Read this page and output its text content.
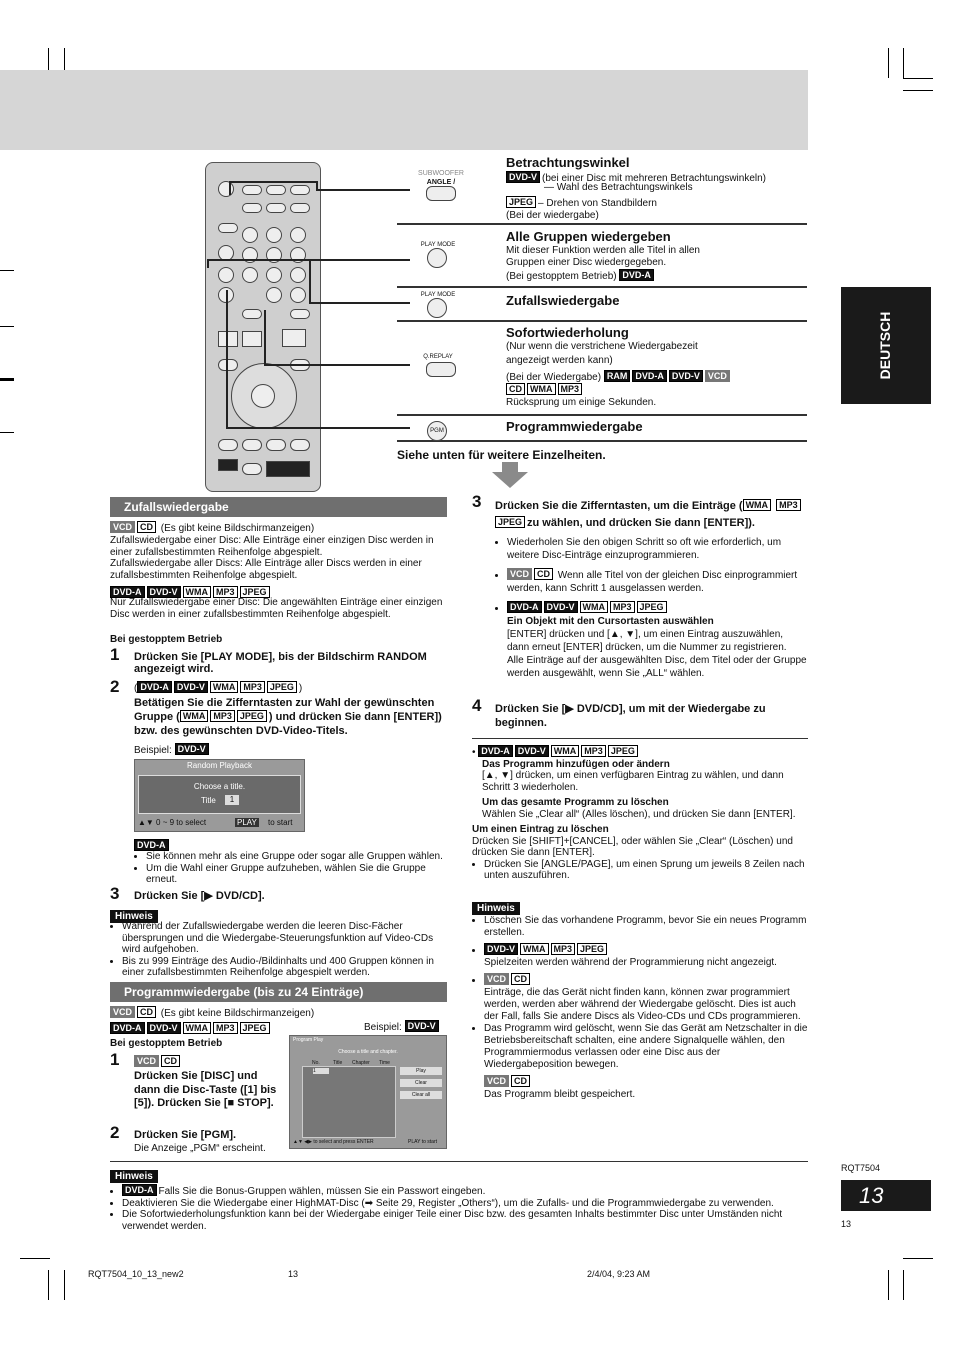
DEUTSCH
SUBWOOFER
ANGLE /
Betrachtungswinkel
DVD-V (bei einer Disc mit mehreren Betrachtungswinkeln)
— Wahl des Betrachtungswinkels
JPEG – Drehen von Standbildern
(Bei der wiedergabe)
PLAY MODE
Alle Gruppen wiedergeben
Mit dieser Funktion werden alle Titel in allen
Gruppen einer Disc wiedergegeben.
(Bei gestopptem Betrieb) DVD-A
PLAY MODE	Zufallswiedergabe
Q.REPLAY
Sofortwiederholung
(Nur wenn die verstrichene Wiedergabezeit
angezeigt werden kann)
(Bei der Wiedergabe) RAM DVD-A DVD-V VCD
CD WMA MP3
Rücksprung um einige Sekunden.
PGM	Programmwiedergabe
Siehe unten für weitere Einzelheiten.
Zufallswiedergabe
VCD CD (Es gibt keine Bildschirmanzeigen)
Zufallswiedergabe einer Disc: Alle Einträge einer einzigen Disc werden in einer zufallsbestimmten Reihenfolge abgespielt.
Zufallswiedergabe aller Discs: Alle Einträge aller Discs werden in einer zufallsbestimmten Reihenfolge abgespielt.
DVD-A DVD-V WMA MP3 JPEG
Nur Zufallswiedergabe einer Disc: Die angewählten Einträge einer einzigen Disc werden in einer zufallsbestimmten Reihenfolge abgespielt.
Bei gestopptem Betrieb
1 Drücken Sie [PLAY MODE], bis der Bildschirm RANDOM angezeigt wird.
2 ( DVD-A DVD-V WMA MP3 JPEG )
Betätigen Sie die Zifferntasten zur Wahl der gewünschten Gruppe ( WMA MP3 JPEG ) und drücken Sie dann [ENTER]) bzw. des gewünschten DVD-Video-Titels.
Beispiel: DVD-V
Random Playback
Choose a title.
Title	1
▲▼ 0 ~ 9 to select	PLAY to start
DVD-A
• Sie können mehr als eine Gruppe oder sogar alle Gruppen wählen.
• Um die Wahl einer Gruppe aufzuheben, wählen Sie die Gruppe erneut.
3 Drücken Sie [▶ DVD/CD].
Hinweis
• Während der Zufallswiedergabe werden die leeren Disc-Fächer übersprungen und die Wiedergabe-Steuerungsfunktion auf Video-CDs wird aufgehoben.
• Bis zu 999 Einträge des Audio-/Bildinhalts und 400 Gruppen können in einer zufallsbestimmten Reihenfolge abgespielt werden.
Programmwiedergabe (bis zu 24 Einträge)
VCD CD (Es gibt keine Bildschirmanzeigen)
DVD-A DVD-V WMA MP3 JPEG	Beispiel: DVD-V
Bei gestopptem Betrieb
1	VCD CD
Drücken Sie [DISC] und dann die Disc-Taste ([1] bis [5]). Drücken Sie [■ STOP].
2 Drücken Sie [PGM].
Die Anzeige „PGM“ erscheint.
Program Play
Choose a title and chapter.
No.	Title Chapter Time
1	Play
Clear
Clear all
▲▼ ◀▶ to select and press ENTER	PLAY to start
3 Drücken Sie die Zifferntasten, um die Einträge ( WMA MP3JPEG zu wählen, und drücken Sie dann [ENTER]).
• Wiederholen Sie den obigen Schritt so oft wie erforderlich, um weitere Disc-Einträge einzuprogrammieren.
• VCD CD Wenn alle Titel von der gleichen Disc einprogrammiert werden, kann Schritt 1 ausgelassen werden.
• DVD-A DVD-V WMA MP3 JPEG
Ein Objekt mit den Cursortasten auswählen
[ENTER] drücken und [▲, ▼], um einen Eintrag auszuwählen, dann erneut [ENTER] drücken, um die Nummer zu registrieren.
Alle Einträge auf der ausgewählten Disc, dem Titel oder der Gruppe werden ausgewählt, wenn Sie „ALL“ wählen.
4 Drücken Sie [▶ DVD/CD], um mit der Wiedergabe zu beginnen.
• DVD-A DVD-V WMA MP3 JPEG
Das Programm hinzufügen oder ändern
[▲, ▼] drücken, um einen verfügbaren Eintrag zu wählen, und dann Schritt 3 wiederholen.
Um das gesamte Programm zu löschen
Wählen Sie „Clear all“ (Alles löschen), und drücken Sie dann [ENTER].
Um einen Eintrag zu löschen
Drücken Sie [SHIFT]+[CANCEL], oder wählen Sie „Clear“ (Löschen) und drücken Sie dann [ENTER].
• Drücken Sie [ANGLE/PAGE], um einen Sprung um jeweils 8 Zeilen nach unten auszuführen.
Hinweis
• Löschen Sie das vorhandene Programm, bevor Sie ein neues Programm erstellen.
• DVD-V WMA MP3 JPEG
Spielzeiten werden während der Programmierung nicht angezeigt.
• VCD CD
Einträge, die das Gerät nicht finden kann, können zwar programmiert werden, werden aber während der Wiedergabe gelöscht. Dies ist auch der Fall, falls Sie andere Discs als Video-CDs und CDs programmieren.
• Das Programm wird gelöscht, wenn Sie das Gerät am Netzschalter in die Betriebsbereitschaft schalten, eine andere Signalquelle wählen, den Programmiermodus verlassen oder eine Disc aus der Wiedergabeposition bewegen.
VCD CD
Das Programm bleibt gespeichert.
Hinweis
• DVD-A Falls Sie die Bonus-Gruppen wählen, müssen Sie ein Passwort eingeben.
• Deaktivieren Sie die Wiedergabe einer HighMAT-Disc (➡ Seite 29, Register „Others“), um die Zufalls- und die Programmwiedergabe zu verwenden.
• Die Sofortwiederholungsfunktion kann bei der Wiedergabe einiger Teile einer Disc bzw. des gesamten Inhalts bestimmter Disc unter Umständen nicht verwendet werden.
RQT7504
13
13
RQT7504_10_13_new2	13	2/4/04, 9:23 AM
